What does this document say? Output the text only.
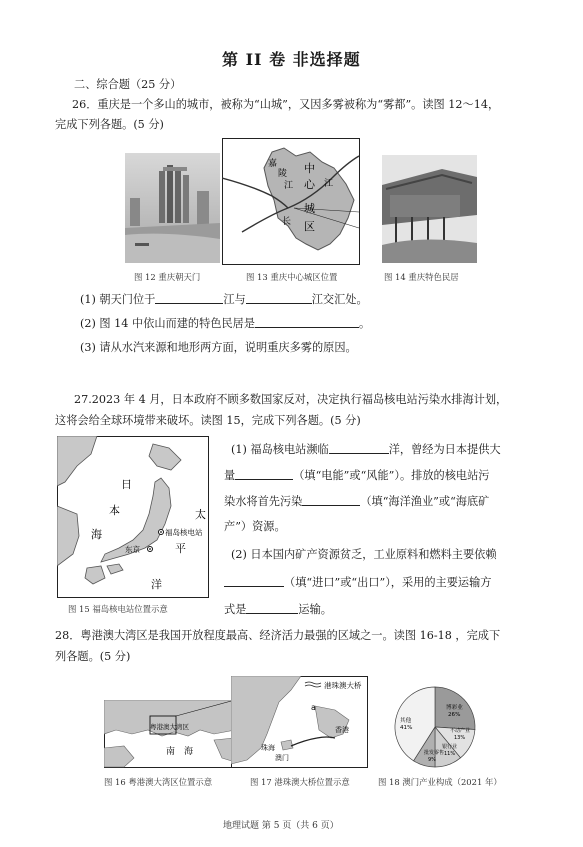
第 II 卷 非选择题
二、综合题（25 分）
26．重庆是一个多山的城市，被称为“山城”，又因多雾被称为“雾都”。读图 12～14，
完成下列各题。(5 分)
嘉
陵
江
中
心
城
区
江
长
图 12 重庆朝天门	图 13 重庆中心城区位置	图 14 重庆特色民居
(1) 朝天门位于	江与	江交汇处。
(2) 图 14 中依山而建的特色民居是	。
(3) 请从水汽来源和地形两方面，说明重庆多雾的原因。
27.2023 年 4 月，日本政府不顾多数国家反对，决定执行福岛核电站污染水排海计划，
这将会给全球环境带来破坏。读图 15，完成下列各题。(5 分)
日
本
海
太
平
洋
福岛核电站
东京
图 15 福岛核电站位置示意
(1) 福岛核电站濒临	洋，曾经为日本提供大
量	（填“电能”或“风能”）。排放的核电站污
染水将首先污染	（填“海洋渔业”或“海底矿
产”）资源。
(2) 日本国内矿产资源贫乏，工业原料和燃料主要依赖
（填“进口”或“出口”），采用的主要运输方
式是	运输。
28．粤港澳大湾区是我国开放程度最高、经济活力最强的区域之一。读图 16-18 ，完成下
列各题。(5 分)
粤港澳大湾区
南 海
港珠澳大桥
a
香港
澳门
珠海
其他
41%
博彩业
26%
不动产业
13%
银行业
11%
批发零售
9%
图 16 粤港澳大湾区位置示意	图 17 港珠澳大桥位置示意	图 18 澳门产业构成（2021 年）
地理试题 第 5 页（共 6 页）
